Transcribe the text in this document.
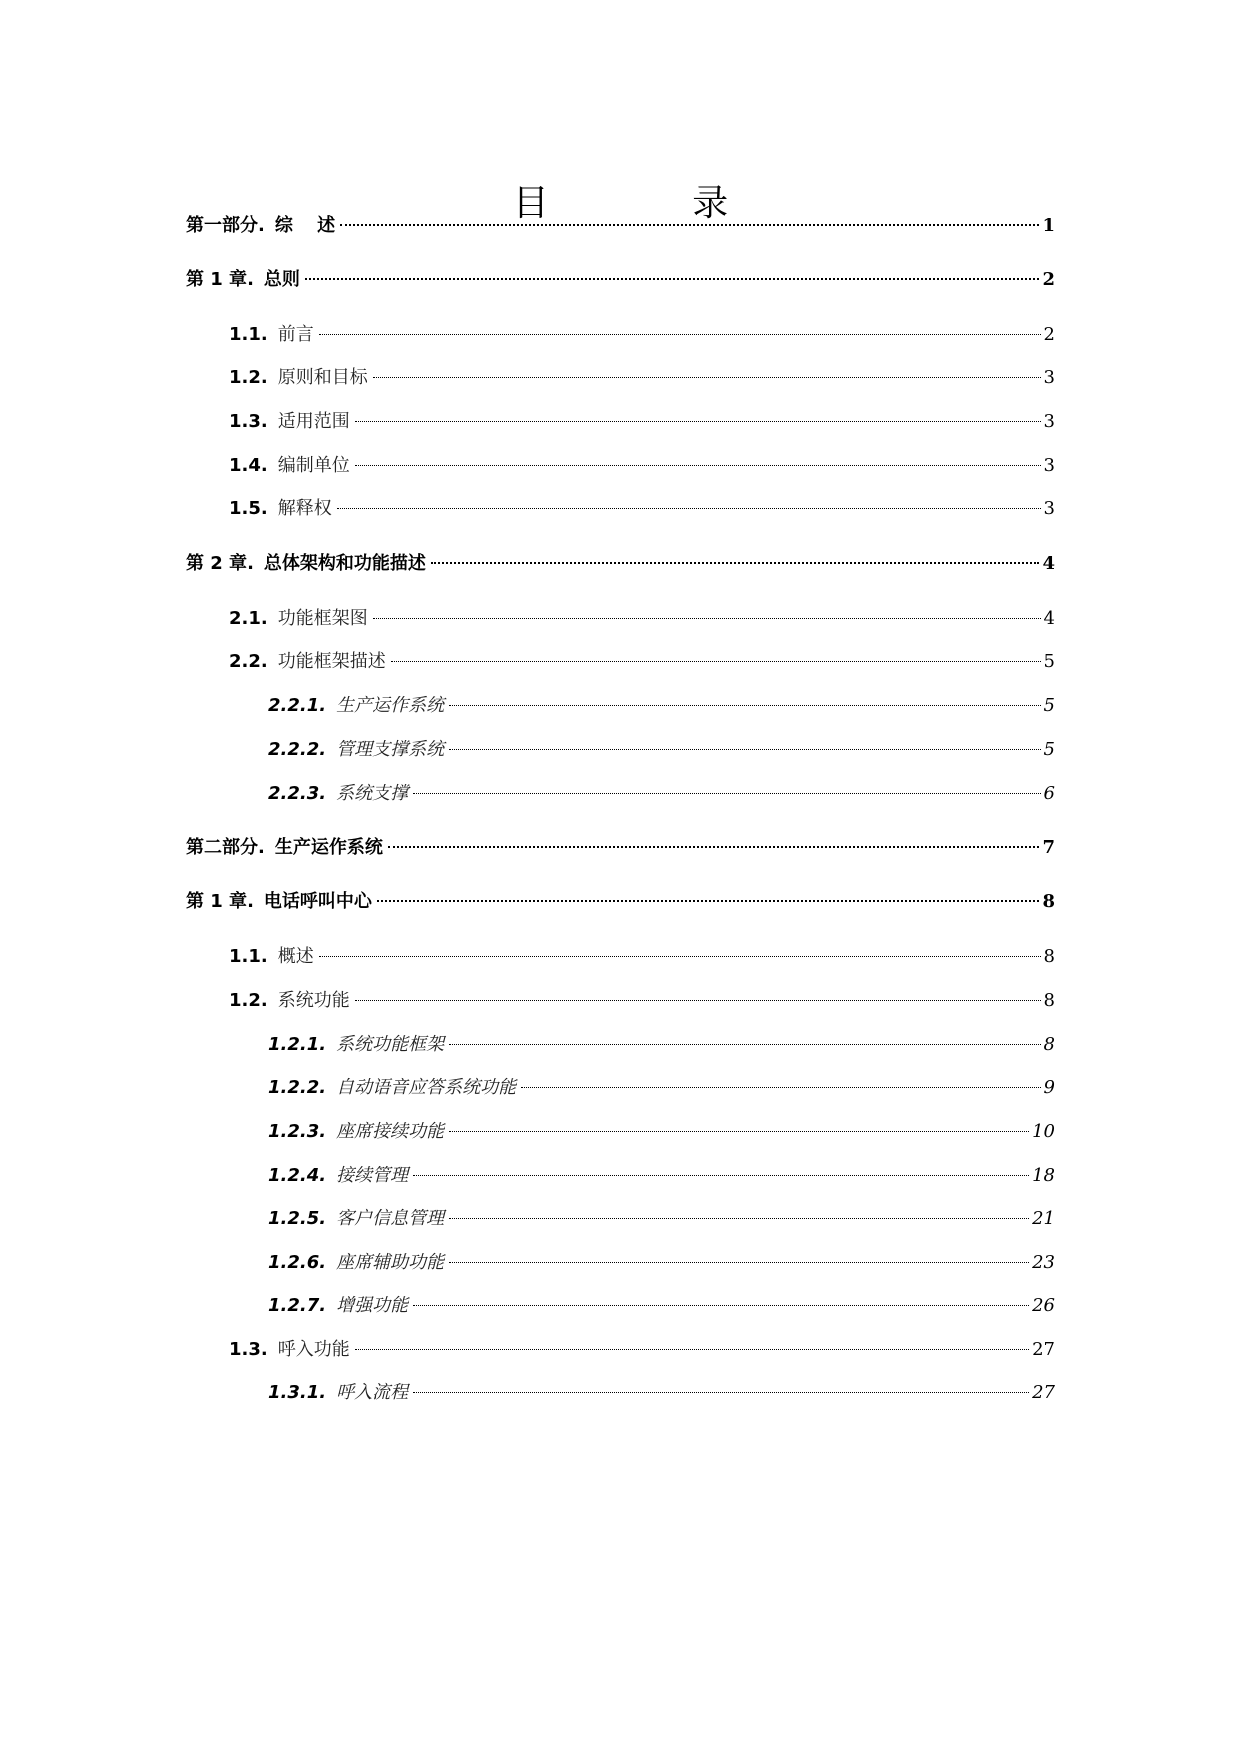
目 录
第一部分 . 综　 述	1
第 1 章 . 总则	2
1.1. 前言	2
1.2. 原则和目标	3
1.3. 适用范围	3
1.4. 编制单位	3
1.5. 解释权	3
第 2 章 . 总体架构和功能描述	4
2.1. 功能框架图	4
2.2. 功能框架描述	5
2.2.1. 生产运作系统	5
2.2.2. 管理支撑系统	5
2.2.3. 系统支撑	6
第二部分 . 生产运作系统	7
第 1 章 . 电话呼叫中心	8
1.1. 概述	8
1.2. 系统功能	8
1.2.1. 系统功能框架	8
1.2.2. 自动语音应答系统功能	9
1.2.3. 座席接续功能	10
1.2.4. 接续管理	18
1.2.5. 客户信息管理	21
1.2.6. 座席辅助功能	23
1.2.7. 增强功能	26
1.3. 呼入功能	27
1.3.1. 呼入流程	27
